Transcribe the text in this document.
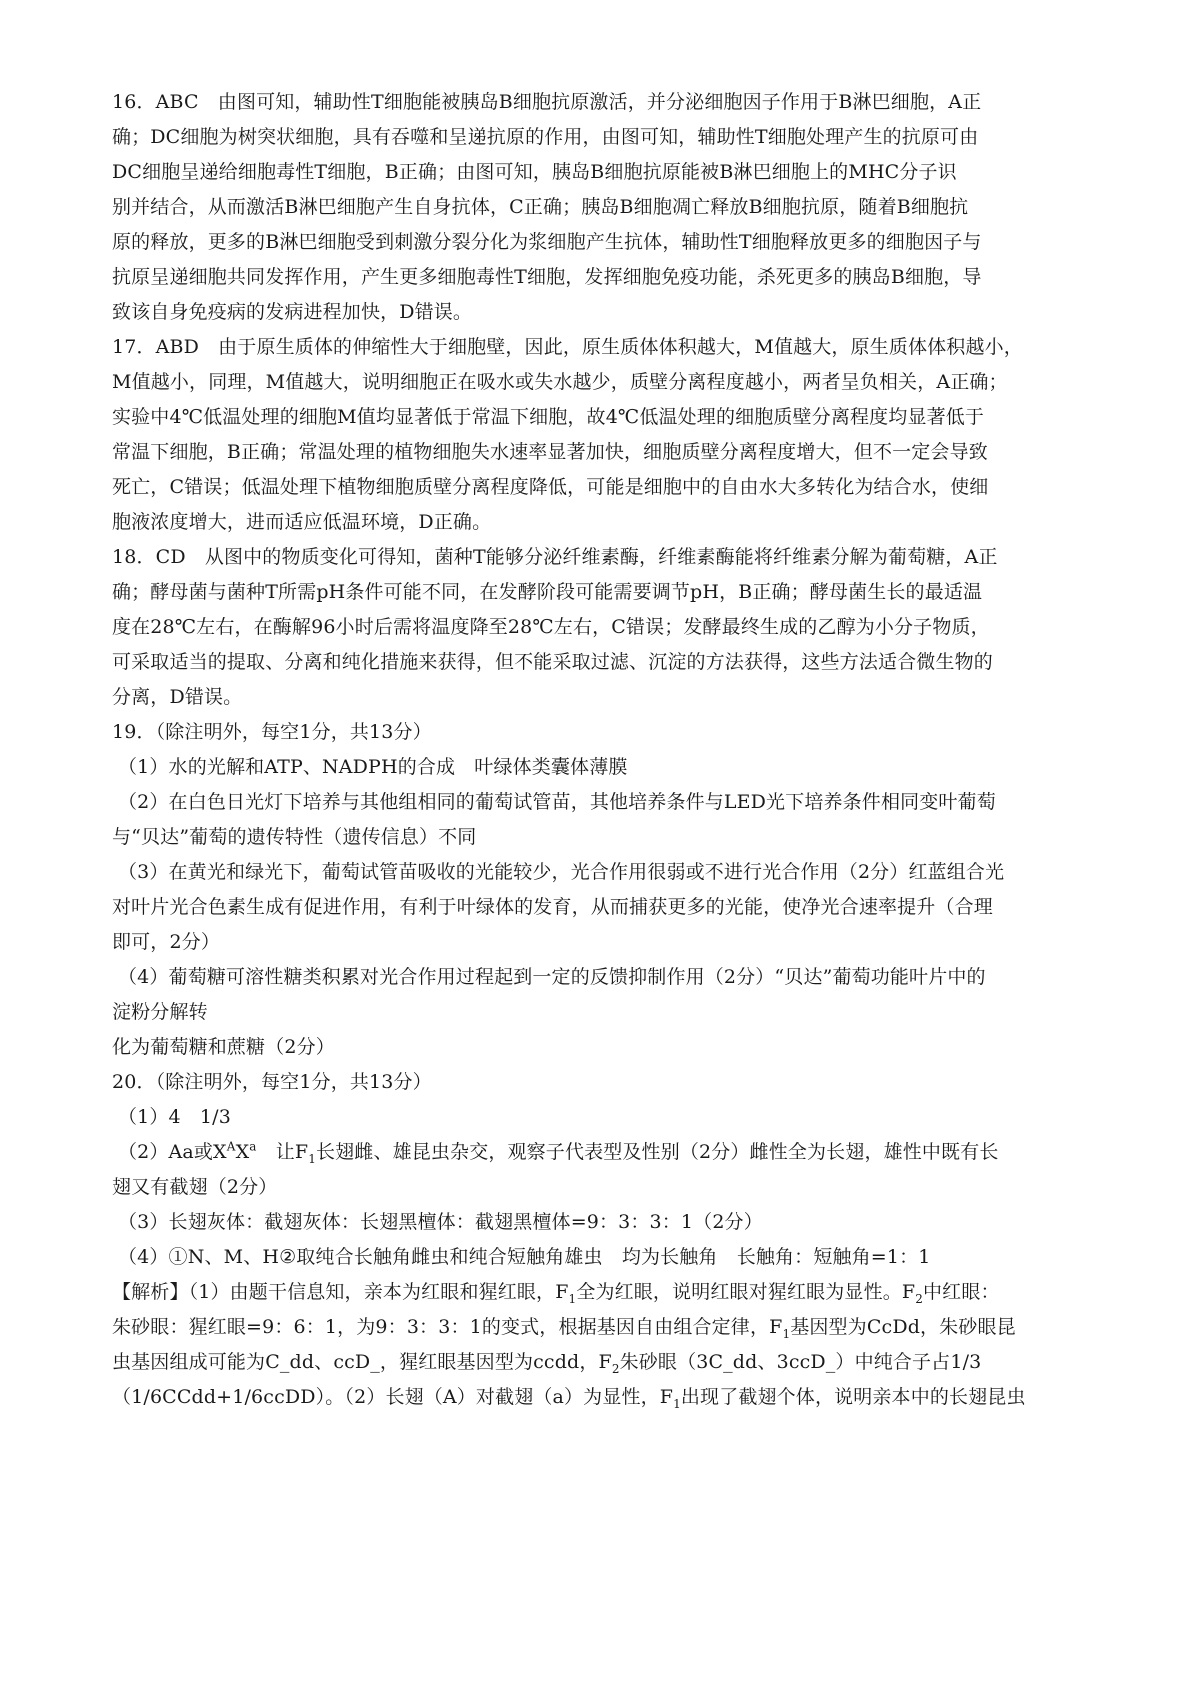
16．ABC　由图可知，辅助性T细胞能被胰岛B细胞抗原激活，并分泌细胞因子作用于B淋巴细胞，A正
确；DC细胞为树突状细胞，具有吞噬和呈递抗原的作用，由图可知，辅助性T细胞处理产生的抗原可由
DC细胞呈递给细胞毒性T细胞，B正确；由图可知，胰岛B细胞抗原能被B淋巴细胞上的MHC分子识
别并结合，从而激活B淋巴细胞产生自身抗体，C正确；胰岛B细胞凋亡释放B细胞抗原，随着B细胞抗
原的释放，更多的B淋巴细胞受到刺激分裂分化为浆细胞产生抗体，辅助性T细胞释放更多的细胞因子与
抗原呈递细胞共同发挥作用，产生更多细胞毒性T细胞，发挥细胞免疫功能，杀死更多的胰岛B细胞，导
致该自身免疫病的发病进程加快，D错误。
17．ABD　由于原生质体的伸缩性大于细胞壁，因此，原生质体体积越大，M值越大，原生质体体积越小，
M值越小，同理，M值越大，说明细胞正在吸水或失水越少，质壁分离程度越小，两者呈负相关，A正确；
实验中4℃低温处理的细胞M值均显著低于常温下细胞，故4℃低温处理的细胞质壁分离程度均显著低于
常温下细胞，B正确；常温处理的植物细胞失水速率显著加快，细胞质壁分离程度增大，但不一定会导致
死亡，C错误；低温处理下植物细胞质壁分离程度降低，可能是细胞中的自由水大多转化为结合水，使细
胞液浓度增大，进而适应低温环境，D正确。
18．CD　从图中的物质变化可得知，菌种T能够分泌纤维素酶，纤维素酶能将纤维素分解为葡萄糖，A正
确；酵母菌与菌种T所需pH条件可能不同，在发酵阶段可能需要调节pH，B正确；酵母菌生长的最适温
度在28℃左右，在酶解96小时后需将温度降至28℃左右，C错误；发酵最终生成的乙醇为小分子物质，
可采取适当的提取、分离和纯化措施来获得，但不能采取过滤、沉淀的方法获得，这些方法适合微生物的
分离，D错误。
19．（除注明外，每空1分，共13分）
（1）水的光解和ATP、NADPH的合成　叶绿体类囊体薄膜
（2）在白色日光灯下培养与其他组相同的葡萄试管苗，其他培养条件与LED光下培养条件相同变叶葡萄
与“贝达”葡萄的遗传特性（遗传信息）不同
（3）在黄光和绿光下，葡萄试管苗吸收的光能较少，光合作用很弱或不进行光合作用（2分）红蓝组合光
对叶片光合色素生成有促进作用，有利于叶绿体的发育，从而捕获更多的光能，使净光合速率提升（合理
即可，2分）
（4）葡萄糖可溶性糖类积累对光合作用过程起到一定的反馈抑制作用（2分）“贝达”葡萄功能叶片中的
淀粉分解转
化为葡萄糖和蔗糖（2分）
20．（除注明外，每空1分，共13分）
（1）4　1/3
（2）Aa或$X^AX^a$　让$F_1$长翅雌、雄昆虫杂交，观察子代表型及性别（2分）雌性全为长翅，雄性中既有长
翅又有截翅（2分）
（3）长翅灰体：截翅灰体：长翅黑檀体：截翅黑檀体=9：3：3：1（2分）
（4）①N、M、H②取纯合长触角雌虫和纯合短触角雄虫　均为长触角　长触角：短触角=1：1
【解析】（1）由题干信息知，亲本为红眼和猩红眼，$F_1$全为红眼，说明红眼对猩红眼为显性。$F_2$中红眼：
朱砂眼：猩红眼=9：6：1，为9：3：3：1的变式，根据基因自由组合定律，$F_1$基因型为CcDd，朱砂眼昆
虫基因组成可能为C_dd、ccD_，猩红眼基因型为ccdd，$F_2$朱砂眼（3C_dd、3ccD_）中纯合子占1/3
（1/6CCdd+1/6ccDD）。（2）长翅（A）对截翅（a）为显性，$F_1$出现了截翅个体，说明亲本中的长翅昆虫
